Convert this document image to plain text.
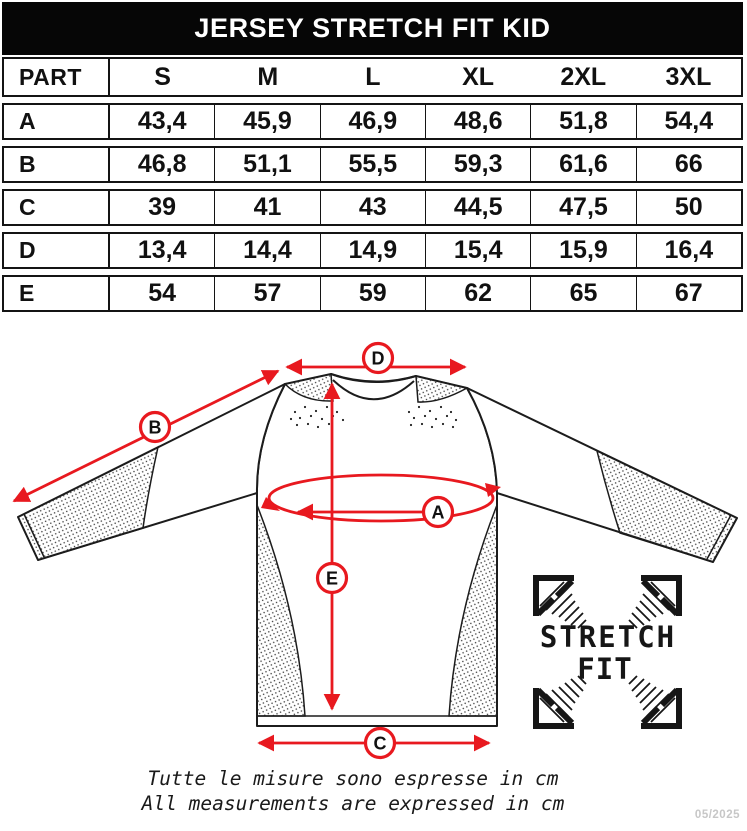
JERSEY STRETCH FIT KID
PART	S	M	L	XL	2XL	3XL
A	43,4	45,9	46,9	48,6	51,8	54,4
B	46,8	51,1	55,5	59,3	61,6	66
C	39	41	43	44,5	47,5	50
D	13,4	14,4	14,9	15,4	15,9	16,4
E	54	57	59	62	65	67
D
B
A
E
C
STRETCH
FIT
Tutte le misure sono espresse in cm
All measurements are expressed in cm	05/2025
